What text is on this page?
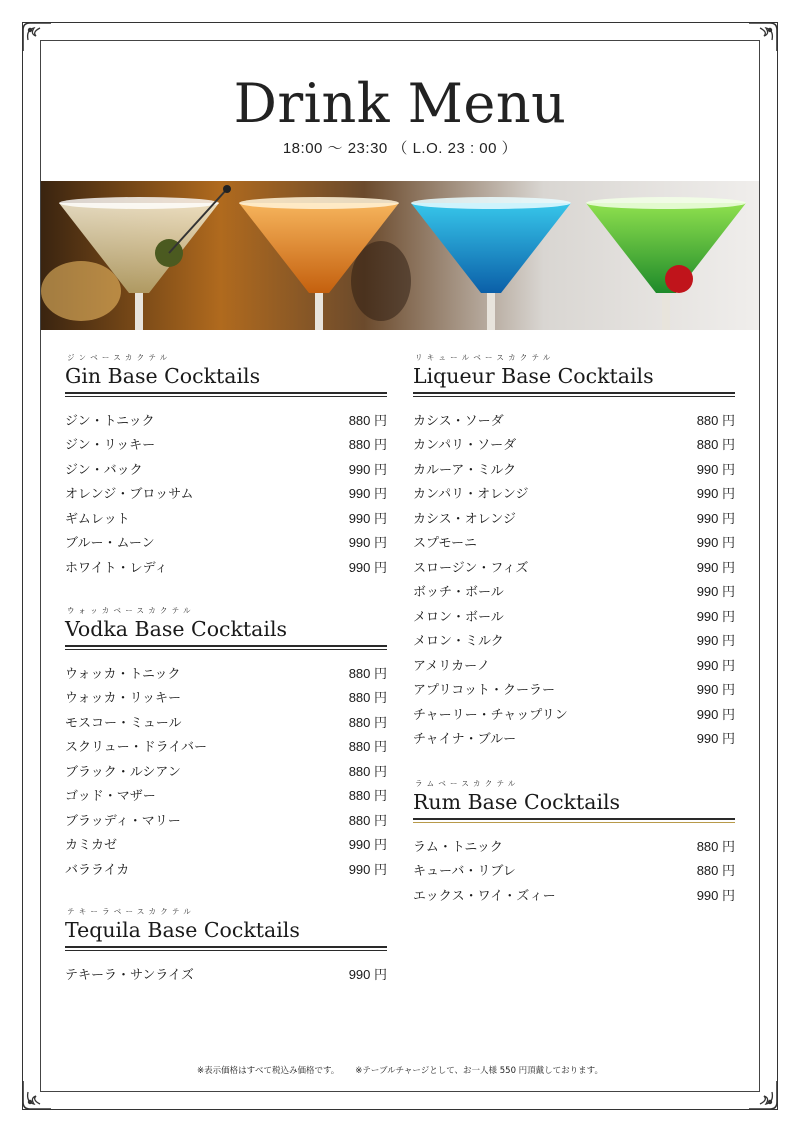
Drink Menu
18:00 〜 23:30 （ L.O. 23 : 00 ）
ジンベースカクテル
Gin Base Cocktails
ジン・トニック	880 円
ジン・リッキー	880 円
ジン・バック	990 円
オレンジ・ブロッサム	990 円
ギムレット	990 円
ブルー・ムーン	990 円
ホワイト・レディ	990 円
ウォッカベースカクテル
Vodka Base Cocktails
ウォッカ・トニック	880 円
ウォッカ・リッキー	880 円
モスコー・ミュール	880 円
スクリュー・ドライバー	880 円
ブラック・ルシアン	880 円
ゴッド・マザー	880 円
ブラッディ・マリー	880 円
カミカゼ	990 円
バラライカ	990 円
テキーラベースカクテル
Tequila Base Cocktails
テキーラ・サンライズ	990 円
リキュールベースカクテル
Liqueur Base Cocktails
カシス・ソーダ	880 円
カンパリ・ソーダ	880 円
カルーア・ミルク	990 円
カンパリ・オレンジ	990 円
カシス・オレンジ	990 円
スプモーニ	990 円
スロージン・フィズ	990 円
ボッチ・ボール	990 円
メロン・ボール	990 円
メロン・ミルク	990 円
アメリカーノ	990 円
アプリコット・クーラー	990 円
チャーリー・チャップリン	990 円
チャイナ・ブルー	990 円
ラムベースカクテル
Rum Base Cocktails
ラム・トニック	880 円
キューバ・リブレ	880 円
エックス・ワイ・ズィー	990 円
※表示価格はすべて税込み価格です。 ※テーブルチャージとして、お一人様 550 円頂戴しております。
